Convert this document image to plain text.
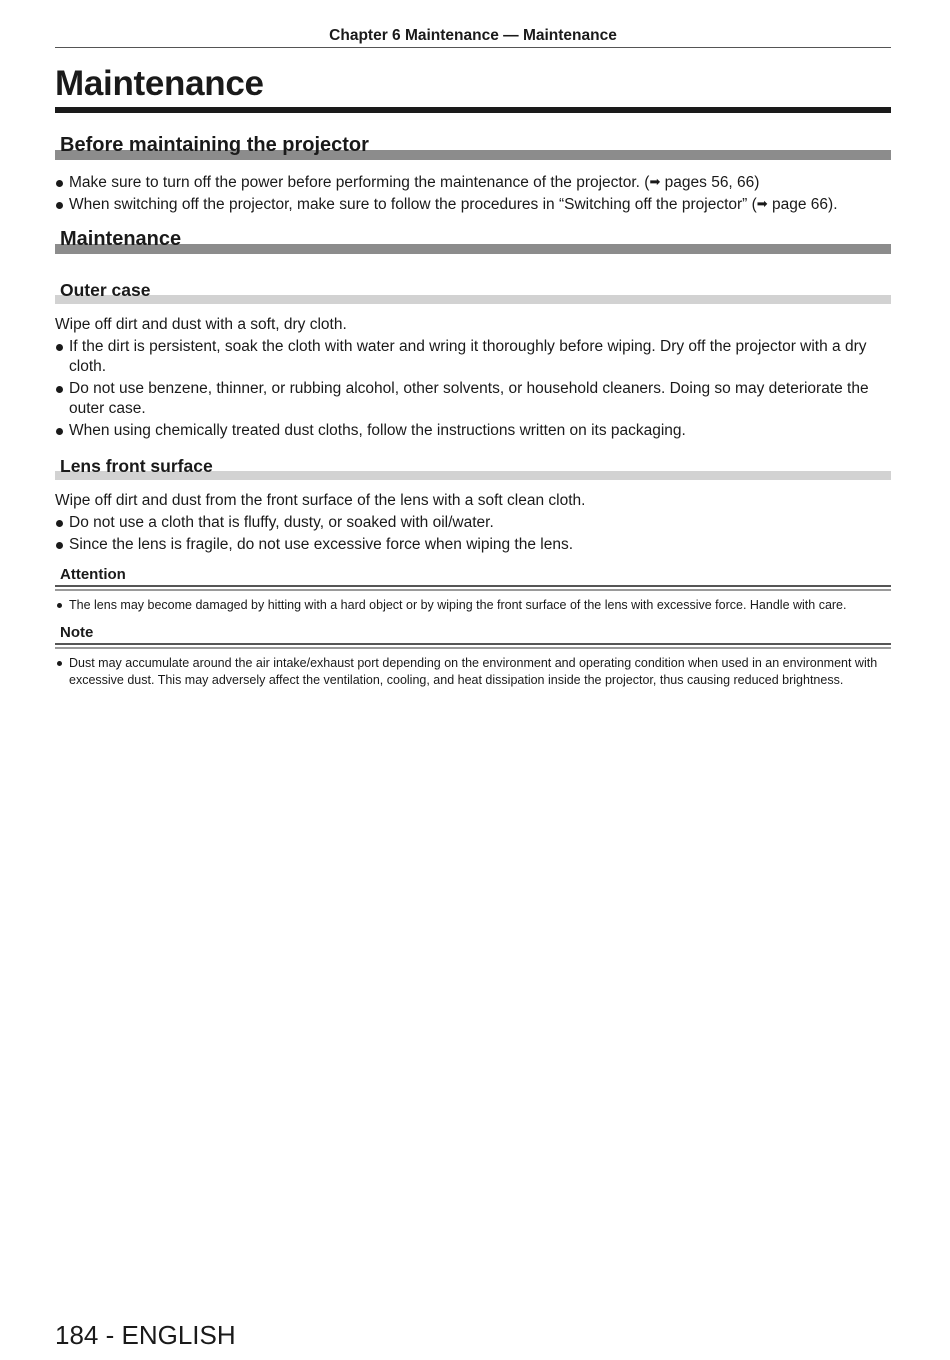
Chapter 6 Maintenance — Maintenance
Maintenance
Before maintaining the projector
Make sure to turn off the power before performing the maintenance of the projector. (➡ pages 56, 66)
When switching off the projector, make sure to follow the procedures in “Switching off the projector” (➡ page 66).
Maintenance
Outer case
Wipe off dirt and dust with a soft, dry cloth.
If the dirt is persistent, soak the cloth with water and wring it thoroughly before wiping. Dry off the projector with a dry cloth.
Do not use benzene, thinner, or rubbing alcohol, other solvents, or household cleaners. Doing so may deteriorate the outer case.
When using chemically treated dust cloths, follow the instructions written on its packaging.
Lens front surface
Wipe off dirt and dust from the front surface of the lens with a soft clean cloth.
Do not use a cloth that is fluffy, dusty, or soaked with oil/water.
Since the lens is fragile, do not use excessive force when wiping the lens.
Attention
The lens may become damaged by hitting with a hard object or by wiping the front surface of the lens with excessive force. Handle with care.
Note
Dust may accumulate around the air intake/exhaust port depending on the environment and operating condition when used in an environment with excessive dust. This may adversely affect the ventilation, cooling, and heat dissipation inside the projector, thus causing reduced brightness.
184 - ENGLISH
